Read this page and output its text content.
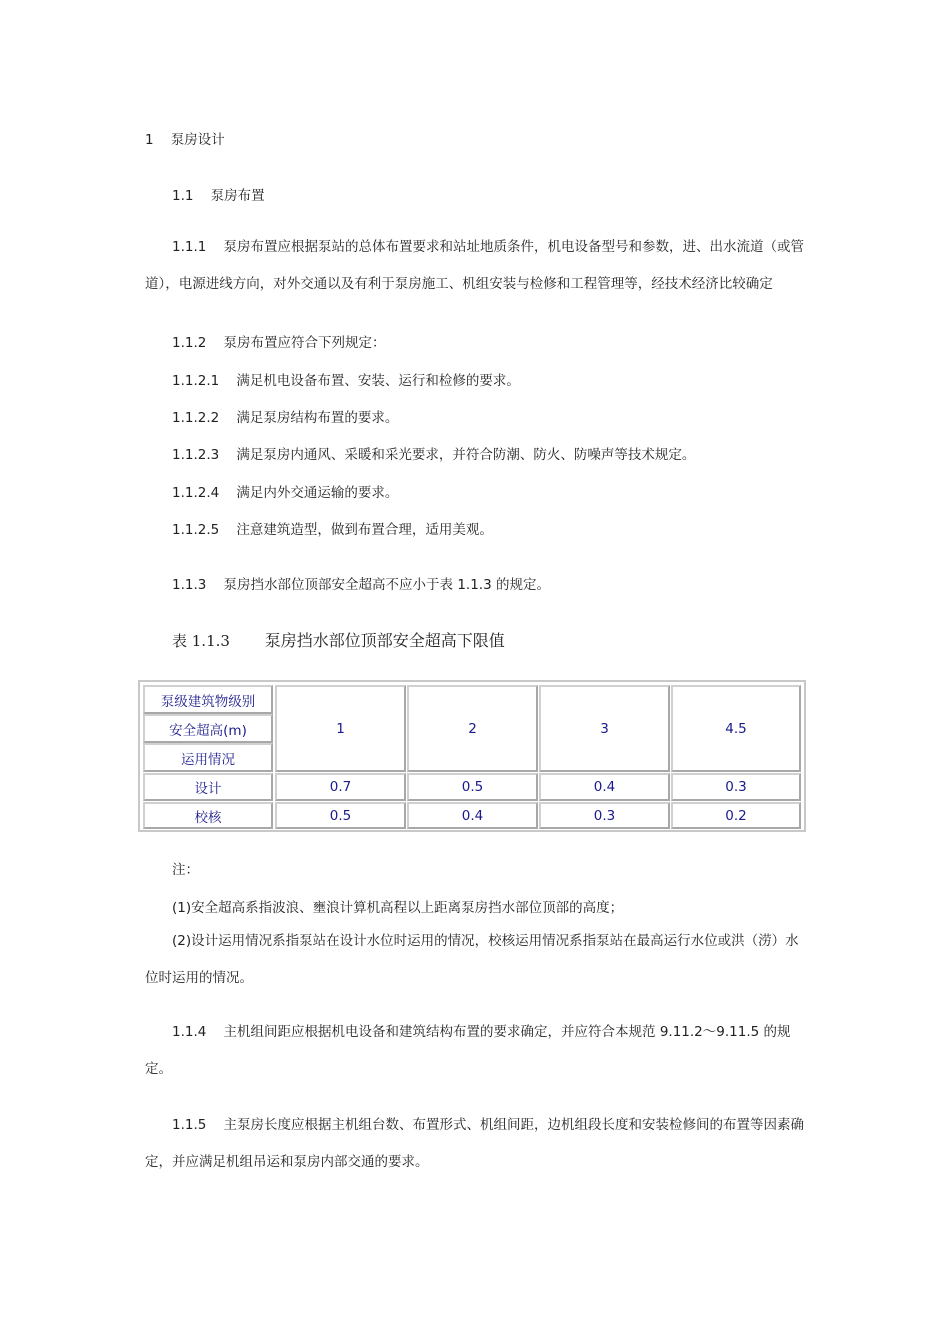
1 泵房设计
1.1 泵房布置
1.1.1 泵房布置应根据泵站的总体布置要求和站址地质条件，机电设备型号和参数，进、出水流道（或管道），电源进线方向，对外交通以及有利于泵房施工、机组安装与检修和工程管理等，经技术经济比较确定
1.1.2 泵房布置应符合下列规定：
1.1.2.1 满足机电设备布置、安装、运行和检修的要求。
1.1.2.2 满足泵房结构布置的要求。
1.1.2.3 满足泵房内通风、采暖和采光要求，并符合防潮、防火、防噪声等技术规定。
1.1.2.4 满足内外交通运输的要求。
1.1.2.5 注意建筑造型，做到布置合理，适用美观。
1.1.3 泵房挡水部位顶部安全超高不应小于表 1.1.3 的规定。
表 1.1.3 泵房挡水部位顶部安全超高下限值
泵级建筑物级别
安全超高(m)
运用情况
1	2	3	4.5
设计	0.7	0.5	0.4	0.3
校核	0.5	0.4	0.3	0.2
注：
(1)安全超高系指波浪、壅浪计算机高程以上距离泵房挡水部位顶部的高度；
(2)设计运用情况系指泵站在设计水位时运用的情况，校核运用情况系指泵站在最高运行水位或洪（涝）水位时运用的情况。
1.1.4 主机组间距应根据机电设备和建筑结构布置的要求确定，并应符合本规范 9.11.2～9.11.5 的规定。
1.1.5 主泵房长度应根据主机组台数、布置形式、机组间距，边机组段长度和安装检修间的布置等因素确定，并应满足机组吊运和泵房内部交通的要求。
